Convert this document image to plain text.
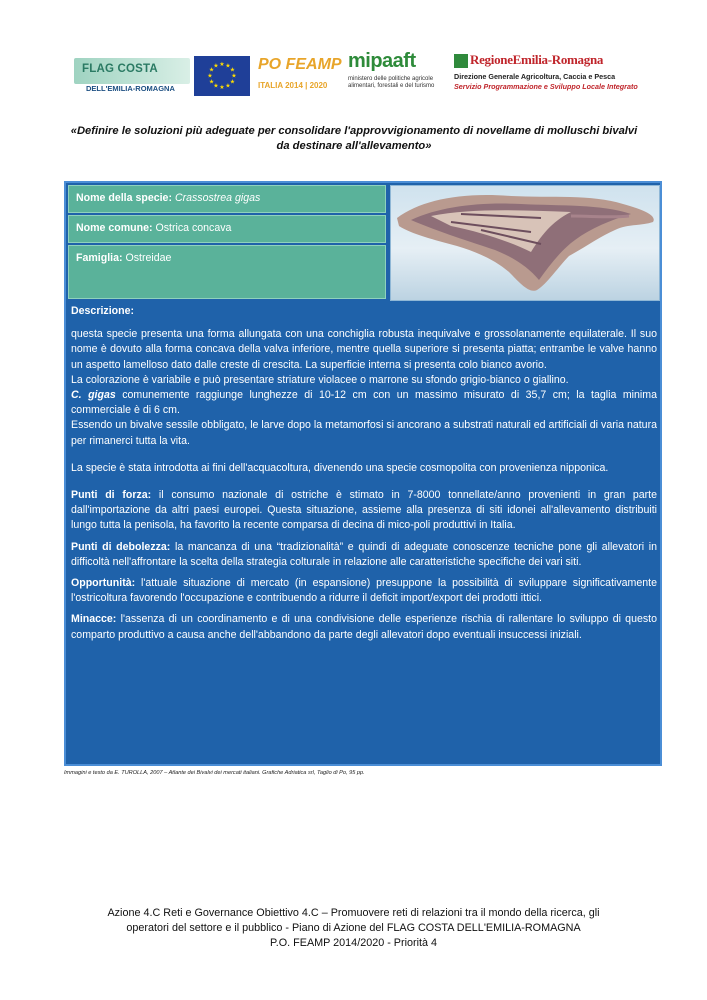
FLAG COSTA
DELL'EMILIA-ROMAGNA
★ ★
★
★
★
★
★
★
★
★
★
★ PO FEAMP
ITALIA 2014 | 2020
mipaaft
ministero delle politiche agricole alimentari, forestali e del turismo
RegioneEmilia-Romagna
Direzione Generale Agricoltura, Caccia e Pesca
Servizio Programmazione e Sviluppo Locale Integrato
«Definire le soluzioni più adeguate per consolidare l'approvvigionamento di novellame di molluschi bivalvi da destinare all'allevamento»
Nome della specie: Crassostrea gigas
Nome comune: Ostrica concava
Famiglia: Ostreidae

Descrizione:

questa specie presenta una forma allungata con una conchiglia robusta inequivalve e grossolanamente equilaterale. Il suo nome è dovuto alla forma concava della valva inferiore, mentre quella superiore si presenta piatta; entrambe le valve hanno un aspetto lamelloso dato dalle creste di crescita. La superficie interna si presenta colo bianco avorio.

La colorazione è variabile e può presentare striature violacee o marrone su sfondo grigio-bianco o giallino.

C. gigas comunemente raggiunge lunghezze di 10-12 cm con un massimo misurato di 35,7 cm; la taglia minima commerciale è di 6 cm.

Essendo un bivalve sessile obbligato, le larve dopo la metamorfosi si ancorano a substrati naturali ed artificiali di varia natura per rimanerci tutta la vita.

La specie è stata introdotta ai fini dell'acquacoltura, divenendo una specie cosmopolita con provenienza nipponica.

Punti di forza: il consumo nazionale di ostriche è stimato in 7-8000 tonnellate/anno provenienti in gran parte dall'importazione da altri paesi europei. Questa situazione, assieme alla presenza di siti idonei all'allevamento distribuiti lungo tutta la penisola, ha favorito la recente comparsa di decina di mico-poli produttivi in Italia.

Punti di debolezza: la mancanza di una “tradizionalità” e quindi di adeguate conoscenze tecniche pone gli allevatori in difficoltà nell'affrontare la scelta della strategia colturale in relazione alle caratteristiche specifiche dei vari siti.

Opportunità: l'attuale situazione di mercato (in espansione) presuppone la possibilità di sviluppare significativamente l'ostricoltura favorendo l'occupazione e contribuendo a ridurre il deficit import/export dei prodotti ittici.

Minacce: l'assenza di un coordinamento e di una condivisione delle esperienze rischia di rallentare lo sviluppo di questo comparto produttivo a causa anche dell'abbandono da parte degli allevatori dopo eventuali insuccessi iniziali.

Immagini e testo da E. TUROLLA, 2007 – Atlante dei Bivalvi dei mercati italiani. Grafiche Adriatica srl, Taglio di Po, 95 pp.
Azione 4.C Reti e Governance Obiettivo 4.C – Promuovere reti di relazioni tra il mondo della ricerca, gli
operatori del settore e il pubblico - Piano di Azione del FLAG COSTA DELL'EMILIA-ROMAGNA
P.O. FEAMP 2014/2020 - Priorità 4
